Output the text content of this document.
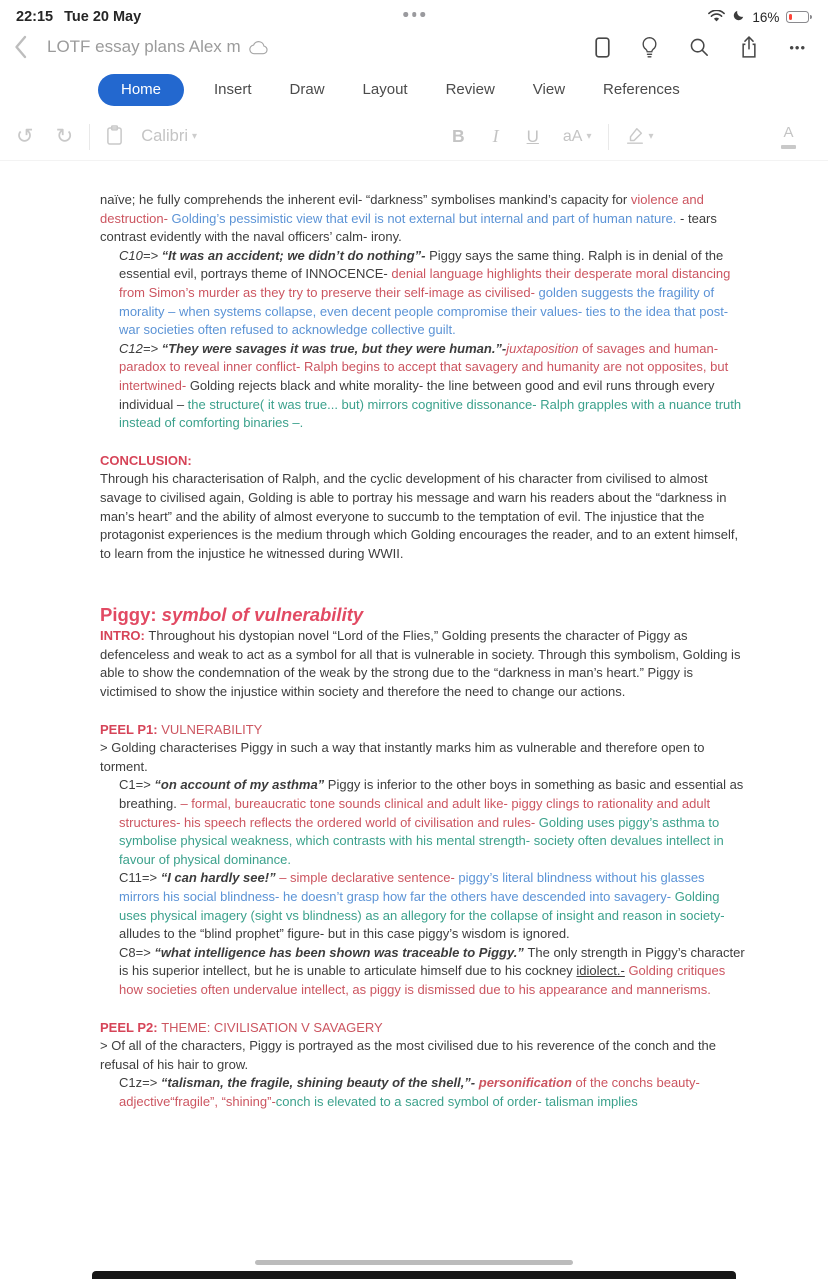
22:15 Tue 20 May	16%
LOTF essay plans Alex m	•••
Home	Insert	Draw	Layout	Review	View	References
↺ ↻	Calibri ▾	B I U aA ▾	▾	A
naïve; he fully comprehends the inherent evil- “darkness” symbolises mankind’s capacity for violence and destruction- Golding’s pessimistic view that evil is not external but internal and part of human nature. - tears contrast evidently with the naval officers’ calm- irony.
C10=> “It was an accident; we didn’t do nothing”- Piggy says the same thing. Ralph is in denial of the essential evil, portrays theme of INNOCENCE- denial language highlights their desperate moral distancing from Simon’s murder as they try to preserve their self-image as civilised- golden suggests the fragility of morality – when systems collapse, even decent people compromise their values- ties to the idea that post-war societies often refused to acknowledge collective guilt.
C12=> “They were savages it was true, but they were human.”-juxtaposition of savages and human- paradox to reveal inner conflict- Ralph begins to accept that savagery and humanity are not opposites, but intertwined- Golding rejects black and white morality- the line between good and evil runs through every individual – the structure( it was true... but) mirrors cognitive dissonance- Ralph grapples with a nuance truth instead of comforting binaries –.
CONCLUSION:
Through his characterisation of Ralph, and the cyclic development of his character from civilised to almost savage to civilised again, Golding is able to portray his message and warn his readers about the “darkness in man’s heart” and the ability of almost everyone to succumb to the temptation of evil. The injustice that the protagonist experiences is the medium through which Golding encourages the reader, and to an extent himself, to learn from the injustice he witnessed during WWII.
Piggy: symbol of vulnerability
INTRO: Throughout his dystopian novel “Lord of the Flies,” Golding presents the character of Piggy as defenceless and weak to act as a symbol for all that is vulnerable in society. Through this symbolism, Golding is able to show the condemnation of the weak by the strong due to the “darkness in man’s heart.” Piggy is victimised to show the injustice within society and therefore the need to change our actions.
PEEL P1: VULNERABILITY
> Golding characterises Piggy in such a way that instantly marks him as vulnerable and therefore open to torment.
C1=> “on account of my asthma” Piggy is inferior to the other boys in something as basic and essential as breathing. – formal, bureaucratic tone sounds clinical and adult like- piggy clings to rationality and adult structures- his speech reflects the ordered world of civilisation and rules- Golding uses piggy’s asthma to symbolise physical weakness, which contrasts with his mental strength- society often devalues intellect in favour of physical dominance.
C11=> “I can hardly see!” – simple declarative sentence- piggy’s literal blindness without his glasses mirrors his social blindness- he doesn’t grasp how far the others have descended into savagery- Golding uses physical imagery (sight vs blindness) as an allegory for the collapse of insight and reason in society- alludes to the “blind prophet” figure- but in this case piggy’s wisdom is ignored.
C8=> “what intelligence has been shown was traceable to Piggy.” The only strength in Piggy’s character is his superior intellect, but he is unable to articulate himself due to his cockney idiolect.- Golding critiques how societies often undervalue intellect, as piggy is dismissed due to his appearance and mannerisms.
PEEL P2: THEME: CIVILISATION V SAVAGERY
> Of all of the characters, Piggy is portrayed as the most civilised due to his reverence of the conch and the refusal of his hair to grow.
C1z=> “talisman, the fragile, shining beauty of the shell,”- personification of the conchs beauty- adjective“fragile”, “shining”-conch is elevated to a sacred symbol of order- talisman implies
